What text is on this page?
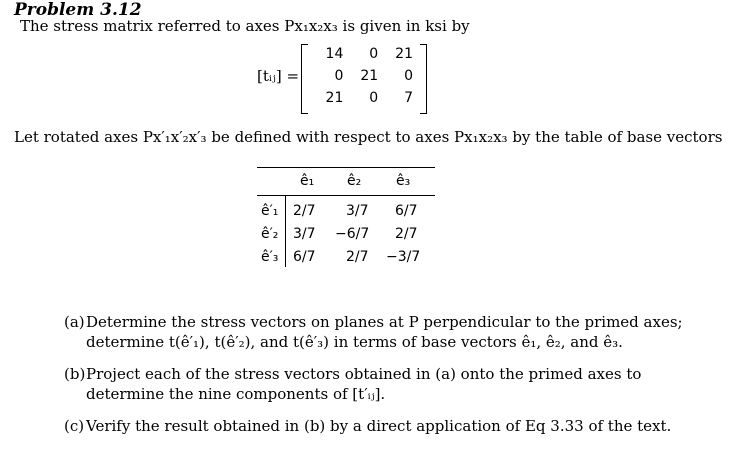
Problem 3.12
The stress matrix referred to axes Px₁x₂x₃ is given in ksi by
[tᵢⱼ] =
14	0	21
0	21	0
21	0	7
Let rotated axes Px′₁x′₂x′₃ be defined with respect to axes Px₁x₂x₃ by the table of base vectors
ê₁ ê₂ ê₃
ê′₁ 2/7 3/7 6/7
ê′₂ 3/7 −6/7 2/7
ê′₃ 6/7 2/7 −3/7
(a) Determine the stress vectors on planes at P perpendicular to the primed axes; determine t(ê′₁), t(ê′₂), and t(ê′₃) in terms of base vectors ê₁, ê₂, and ê₃.
(b) Project each of the stress vectors obtained in (a) onto the primed axes to determine the nine components of [t′ᵢⱼ].
(c) Verify the result obtained in (b) by a direct application of Eq 3.33 of the text.
